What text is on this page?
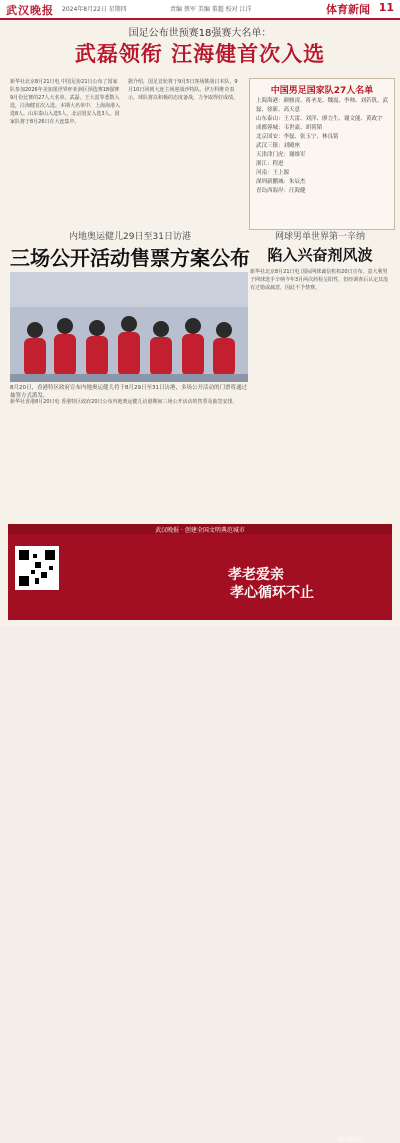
武汉晚报 2024年8月22日 星期四	责编 蔡军 美编 董超 校对 江洋	体育新闻 11
国足公布世预赛18强赛大名单：
武磊领衔 汪海健首次入选
新华社北京8月21日电 中国足协21日公布了国家队参加2026年美加墨世界杯亚洲区预选赛18强赛9月份比赛的27人大名单，武磊、王大雷等悉数入选，汪海健首次入选。本期大名单中，上海海港入选8人，山东泰山入选5人，北京国安入选3人。国家队将于8月26日在大连集中。
据介绍，国足首轮将于9月5日客场挑战日本队，9月10日回到大连主场迎战沙特队。伊万科维奇表示，球队将以积极的态度备战，力争取得好成绩。
中国男足国家队27人名单
上海海港：颜骏凌、蒋圣龙、魏震、李帅、刘若钒、武磊、徐新、高天意
山东泰山：王大雷、刘洋、廖力生、谢文能、黄政宇
成都蓉城：韦世豪、胡荷韬
北京国安：李磊、张玉宁、林良铭
武汉三镇：刘殿座
天津津门虎：谢维军
浙江：程进
河南：王上源
深圳新鹏城：朱辰杰
青岛西海岸：汪海健
内地奥运健儿29日至31日访港
三场公开活动售票方案公布
8月20日，香港特区政府宣布内地奥运健儿将于8月29日至31日访港，多场公开活动的门票将通过抽签方式派发。
新华社香港8月20日电 香港特区政府20日公布内地奥运健儿访港期间三场公开活动的售票及抽签安排。
网球男单世界第一辛纳
陷入兴奋剂风波
新华社北京8月21日电 国际网球诚信机构20日宣布，意大利男子网球选手辛纳今年3月两次药检呈阳性，但经调查后认定其没有过错或疏忽，因此不予禁赛。
武汉晚报 · 创建全国文明典范城市
孝老爱亲
孝心循环不止
武汉晚报社
